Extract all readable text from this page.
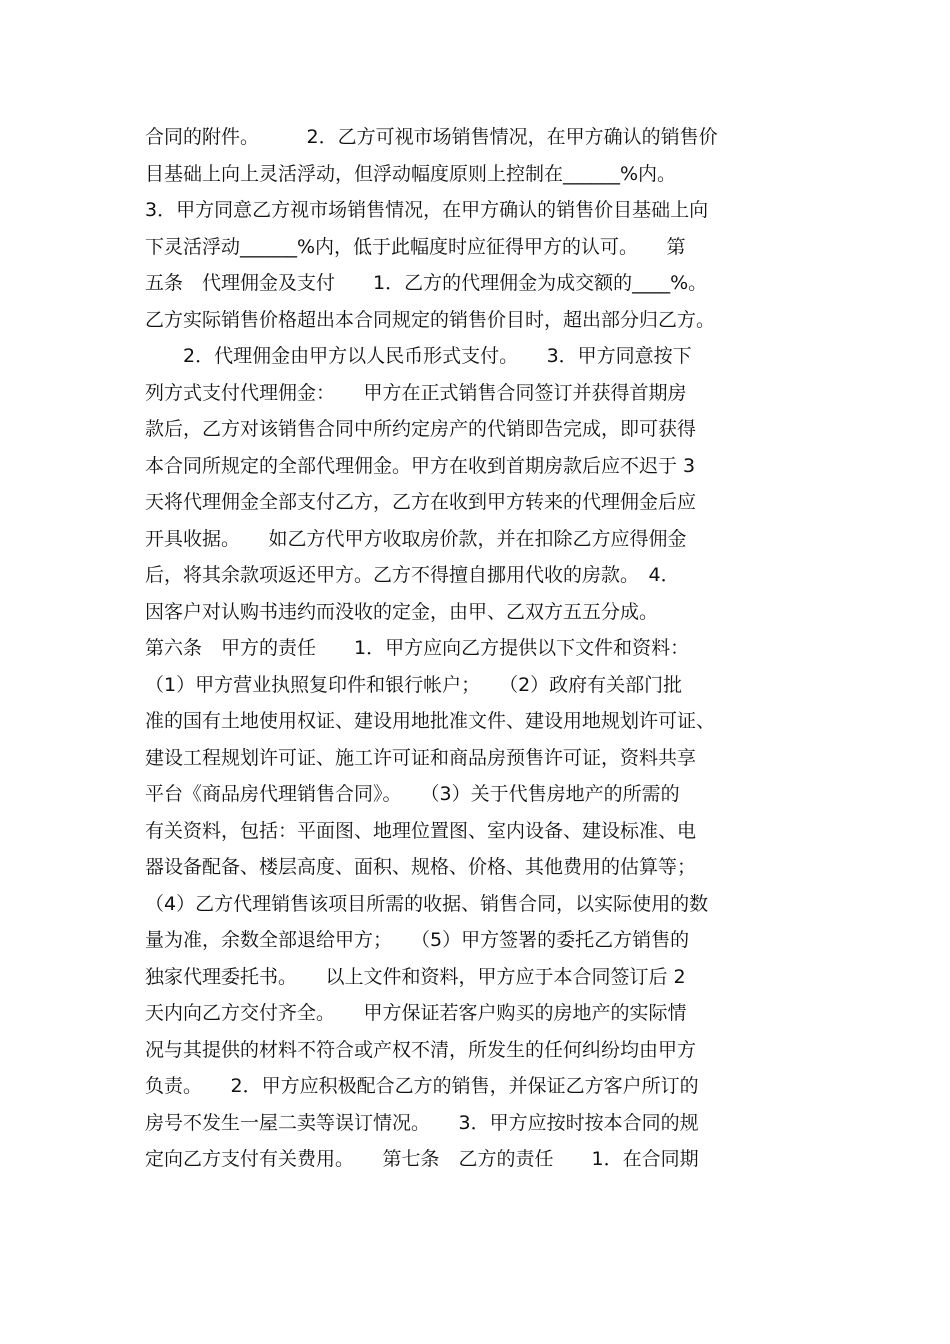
合同的附件。　　　2．乙方可视市场销售情况，在甲方确认的销售价
目基础上向上灵活浮动，但浮动幅度原则上控制在______%内。
3．甲方同意乙方视市场销售情况，在甲方确认的销售价目基础上向
下灵活浮动______%内，低于此幅度时应征得甲方的认可。　　第
五条　代理佣金及支付　　1．乙方的代理佣金为成交额的____%。
乙方实际销售价格超出本合同规定的销售价目时，超出部分归乙方。
　　2．代理佣金由甲方以人民币形式支付。　　3．甲方同意按下
列方式支付代理佣金：　　甲方在正式销售合同签订并获得首期房
款后，乙方对该销售合同中所约定房产的代销即告完成，即可获得
本合同所规定的全部代理佣金。甲方在收到首期房款后应不迟于 3
天将代理佣金全部支付乙方，乙方在收到甲方转来的代理佣金后应
开具收据。　　如乙方代甲方收取房价款，并在扣除乙方应得佣金
后，将其余款项返还甲方。乙方不得擅自挪用代收的房款。　4．
因客户对认购书违约而没收的定金，由甲、乙双方五五分成。
第六条　甲方的责任　　1．甲方应向乙方提供以下文件和资料：
（1）甲方营业执照复印件和银行帐户；　　（2）政府有关部门批
准的国有土地使用权证、建设用地批准文件、建设用地规划许可证、
建设工程规划许可证、施工许可证和商品房预售许可证，资料共享
平台《商品房代理销售合同》。　　（3）关于代售房地产的所需的
有关资料，包括：平面图、地理位置图、室内设备、建设标准、电
器设备配备、楼层高度、面积、规格、价格、其他费用的估算等；
（4）乙方代理销售该项目所需的收据、销售合同，以实际使用的数
量为准，余数全部退给甲方；　　（5）甲方签署的委托乙方销售的
独家代理委托书。　　以上文件和资料，甲方应于本合同签订后 2
天内向乙方交付齐全。　　甲方保证若客户购买的房地产的实际情
况与其提供的材料不符合或产权不清，所发生的任何纠纷均由甲方
负责。　　2．甲方应积极配合乙方的销售，并保证乙方客户所订的
房号不发生一屋二卖等误订情况。　　3．甲方应按时按本合同的规
定向乙方支付有关费用。　　第七条　乙方的责任　　1．在合同期
